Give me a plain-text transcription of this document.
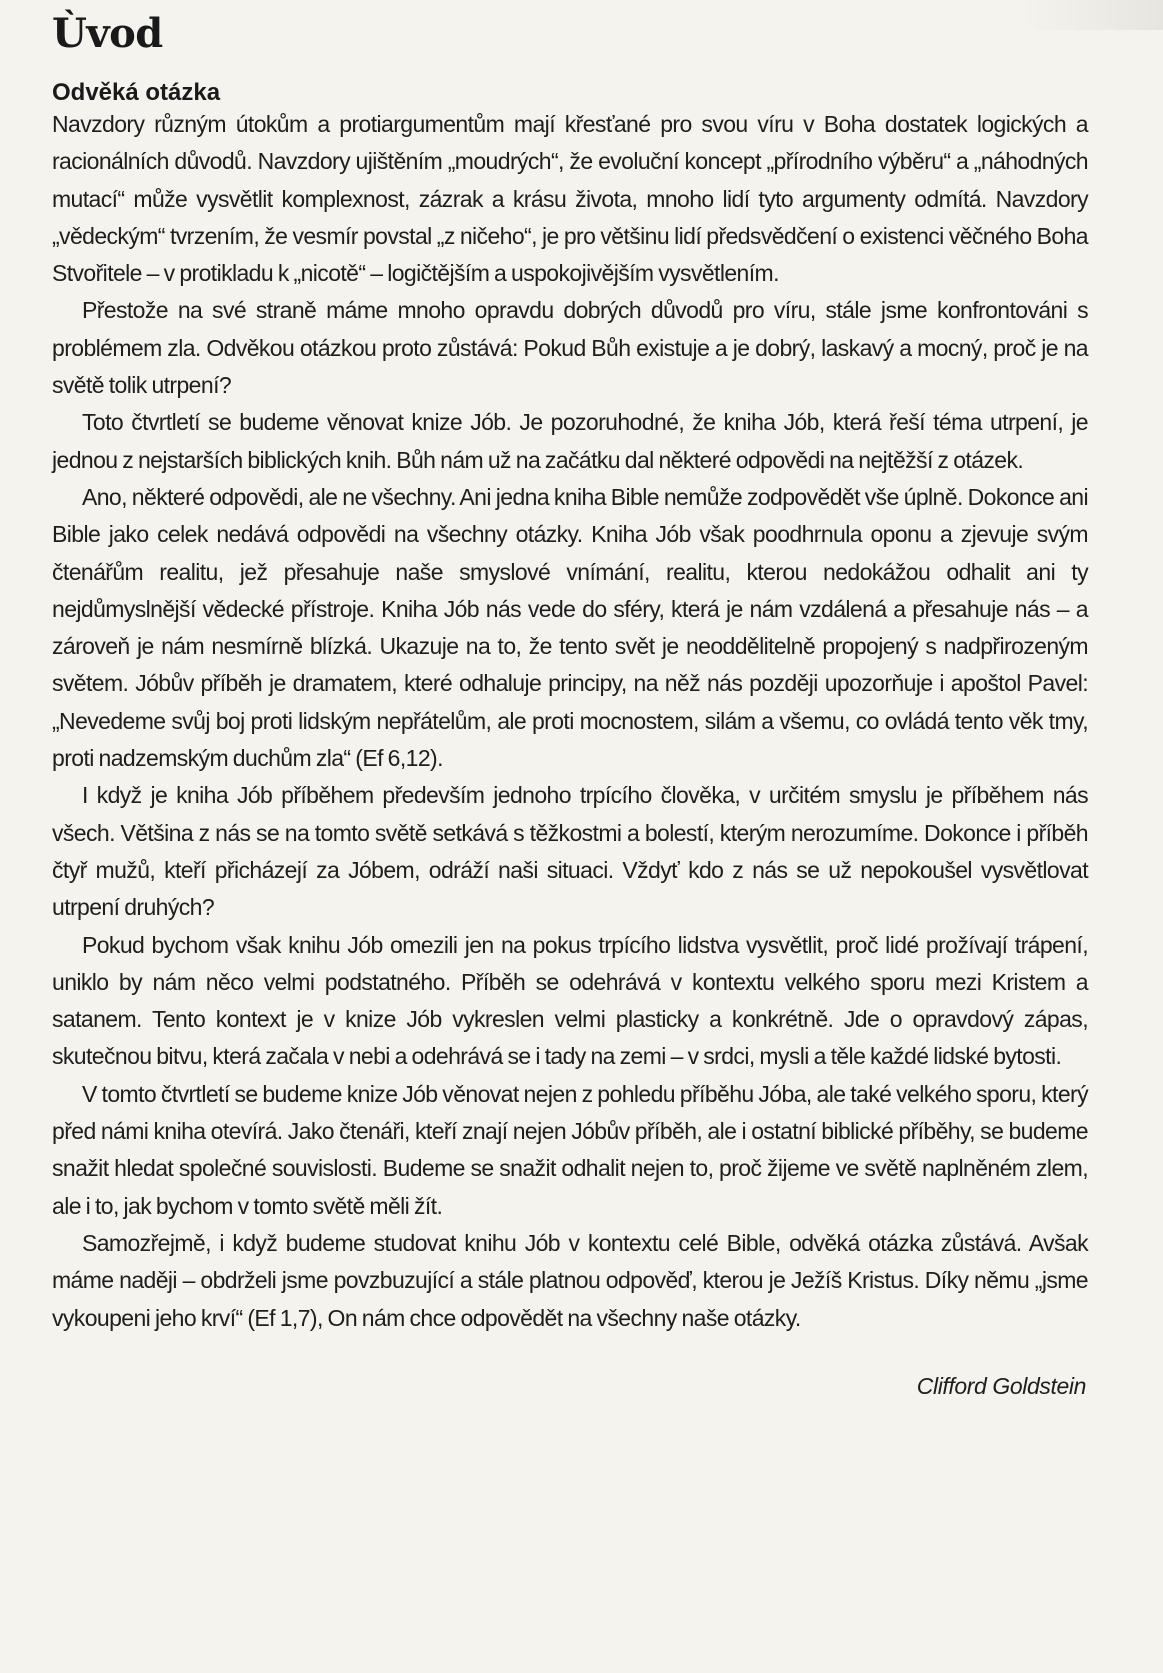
Ùvod
Odvěká otázka

Navzdory různým útokům a protiargumentům mají křesťané pro svou víru v Boha dostatek logických a racionálních důvodů. Navzdory ujištěním „moudrých“, že evoluční koncept „přírodního výběru“ a „náhodných mutací“ může vysvětlit komplexnost, zázrak a krásu života, mnoho lidí tyto argumenty odmítá. Navzdory „vědeckým“ tvrzením, že vesmír povstal „z ničeho“, je pro většinu lidí předsvědčení o existenci věčného Boha Stvořitele – v protikladu k „nicotě“ – logičtějším a uspokojivějším vysvětlením.

Přestože na své straně máme mnoho opravdu dobrých důvodů pro víru, stále jsme konfrontováni s problémem zla. Odvěkou otázkou proto zůstává: Pokud Bůh existuje a je dobrý, laskavý a mocný, proč je na světě tolik utrpení?

Toto čtvrtletí se budeme věnovat knize Jób. Je pozoruhodné, že kniha Jób, která řeší téma utrpení, je jednou z nejstarších biblických knih. Bůh nám už na začátku dal některé odpovědi na nejtěžší z otázek.

Ano, některé odpovědi, ale ne všechny. Ani jedna kniha Bible nemůže zodpovědět vše úplně. Dokonce ani Bible jako celek nedává odpovědi na všechny otázky. Kniha Jób však poodhrnula oponu a zjevuje svým čtenářům realitu, jež přesahuje naše smyslové vnímání, realitu, kterou nedokážou odhalit ani ty nejdůmyslnější vědecké přístroje. Kniha Jób nás vede do sféry, která je nám vzdálená a přesahuje nás – a zároveň je nám nesmírně blízká. Ukazuje na to, že tento svět je neoddělitelně propojený s nadpřirozeným světem. Jóbův příběh je dramatem, které odhaluje principy, na něž nás později upozorňuje i apoštol Pavel: „Nevedeme svůj boj proti lidským nepřátelům, ale proti mocnostem, silám a všemu, co ovládá tento věk tmy, proti nadzemským duchům zla“ (Ef 6,12).

I když je kniha Jób příběhem především jednoho trpícího člověka, v určitém smyslu je příběhem nás všech. Většina z nás se na tomto světě setkává s těžkostmi a bolestí, kterým nerozumíme. Dokonce i příběh čtyř mužů, kteří přicházejí za Jóbem, odráží naši situaci. Vždyť kdo z nás se už nepokoušel vysvětlovat utrpení druhých?

Pokud bychom však knihu Jób omezili jen na pokus trpícího lidstva vysvětlit, proč lidé prožívají trápení, uniklo by nám něco velmi podstatného. Příběh se odehrává v kontextu velkého sporu mezi Kristem a satanem. Tento kontext je v knize Jób vykreslen velmi plasticky a konkrétně. Jde o opravdový zápas, skutečnou bitvu, která začala v nebi a odehrává se i tady na zemi – v srdci, mysli a těle každé lidské bytosti.

V tomto čtvrtletí se budeme knize Jób věnovat nejen z pohledu příběhu Jóba, ale také velkého sporu, který před námi kniha otevírá. Jako čtenáři, kteří znají nejen Jóbův příběh, ale i ostatní biblické příběhy, se budeme snažit hledat společné souvislosti. Budeme se snažit odhalit nejen to, proč žijeme ve světě naplněném zlem, ale i to, jak bychom v tomto světě měli žít.

Samozřejmě, i když budeme studovat knihu Jób v kontextu celé Bible, odvěká otázka zůstává. Avšak máme naději – obdrželi jsme povzbuzující a stále platnou odpověď, kterou je Ježíš Kristus. Díky němu „jsme vykoupeni jeho krví“ (Ef 1,7), On nám chce odpovědět na všechny naše otázky.

Clifford Goldstein
